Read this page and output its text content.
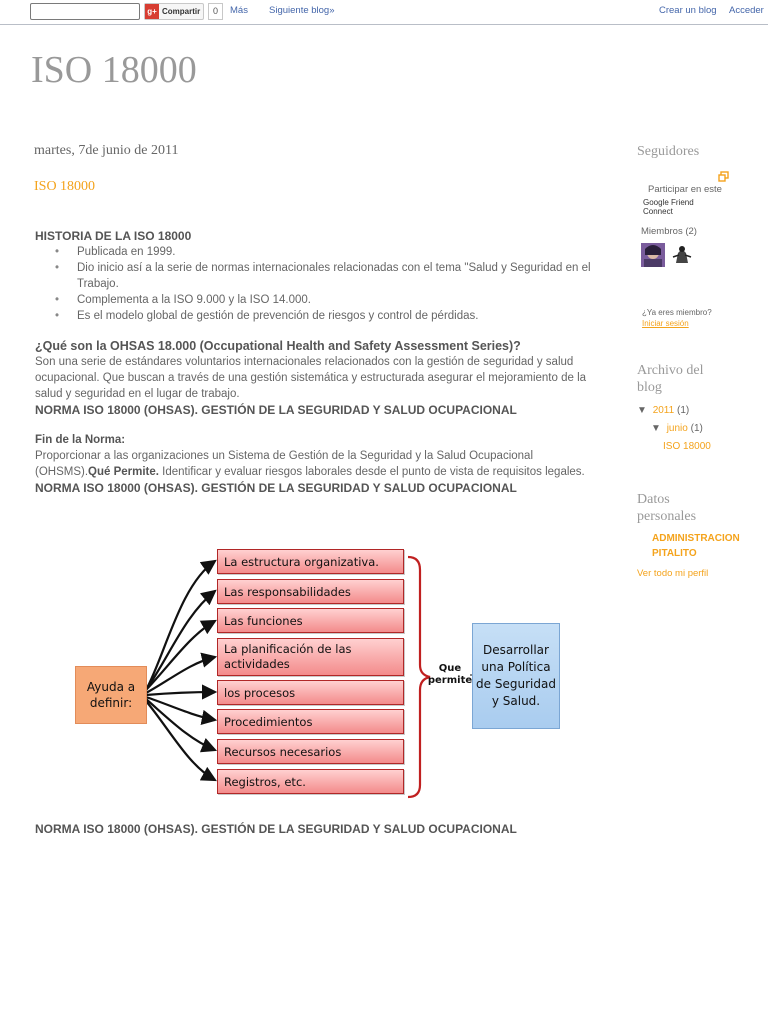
g+ Compartir	0	Más Siguiente blog»	Crear un blog Acceder
ISO 18000
martes, 7de junio de 2011
ISO 18000

HISTORIA DE LA ISO 18000

• Publicada en 1999.
• Dio inicio así a la serie de normas internacionales relacionadas con el tema "Salud y Seguridad en el Trabajo.
• Complementa a la ISO 9.000 y la ISO 14.000.
• Es el modelo global de gestión de prevención de riesgos y control de pérdidas.

¿Qué son la OHSAS 18.000 (Occupational Health and Safety Assessment Series)?

Son una serie de estándares voluntarios internacionales relacionados con la gestión de seguridad y salud ocupacional. Que buscan a través de una gestión sistemática y estructurada asegurar el mejoramiento de la salud y seguridad en el lugar de trabajo.

NORMA ISO 18000 (OHSAS). GESTIÓN DE LA SEGURIDAD Y SALUD OCUPACIONAL

Fin de la Norma:

Proporcionar a las organizaciones un Sistema de Gestión de la Seguridad y la Salud Ocupacional (OHSMS).Qué Permite. Identificar y evaluar riesgos laborales desde el punto de vista de requisitos legales.

NORMA ISO 18000 (OHSAS). GESTIÓN DE LA SEGURIDAD Y SALUD OCUPACIONAL

Ayuda a definir:
La estructura organizativa.
Las responsabilidades
Las funciones
La planificación de las actividades
los procesos
Procedimientos
Recursos necesarios
Registros, etc.
Que permite
Desarrollar una Política de Seguridad y Salud.
NORMA ISO 18000 (OHSAS). GESTIÓN DE LA SEGURIDAD Y SALUD OCUPACIONAL
Seguidores
Participar en este
Google Friend Connect
Miembros (2)
¿Ya eres miembro?
Iniciar sesión
Archivo del blog
▼ 2011 (1)
▼ junio (1)
ISO 18000
Datos personales
ADMINISTRACION PITALITO
Ver todo mi perfil
